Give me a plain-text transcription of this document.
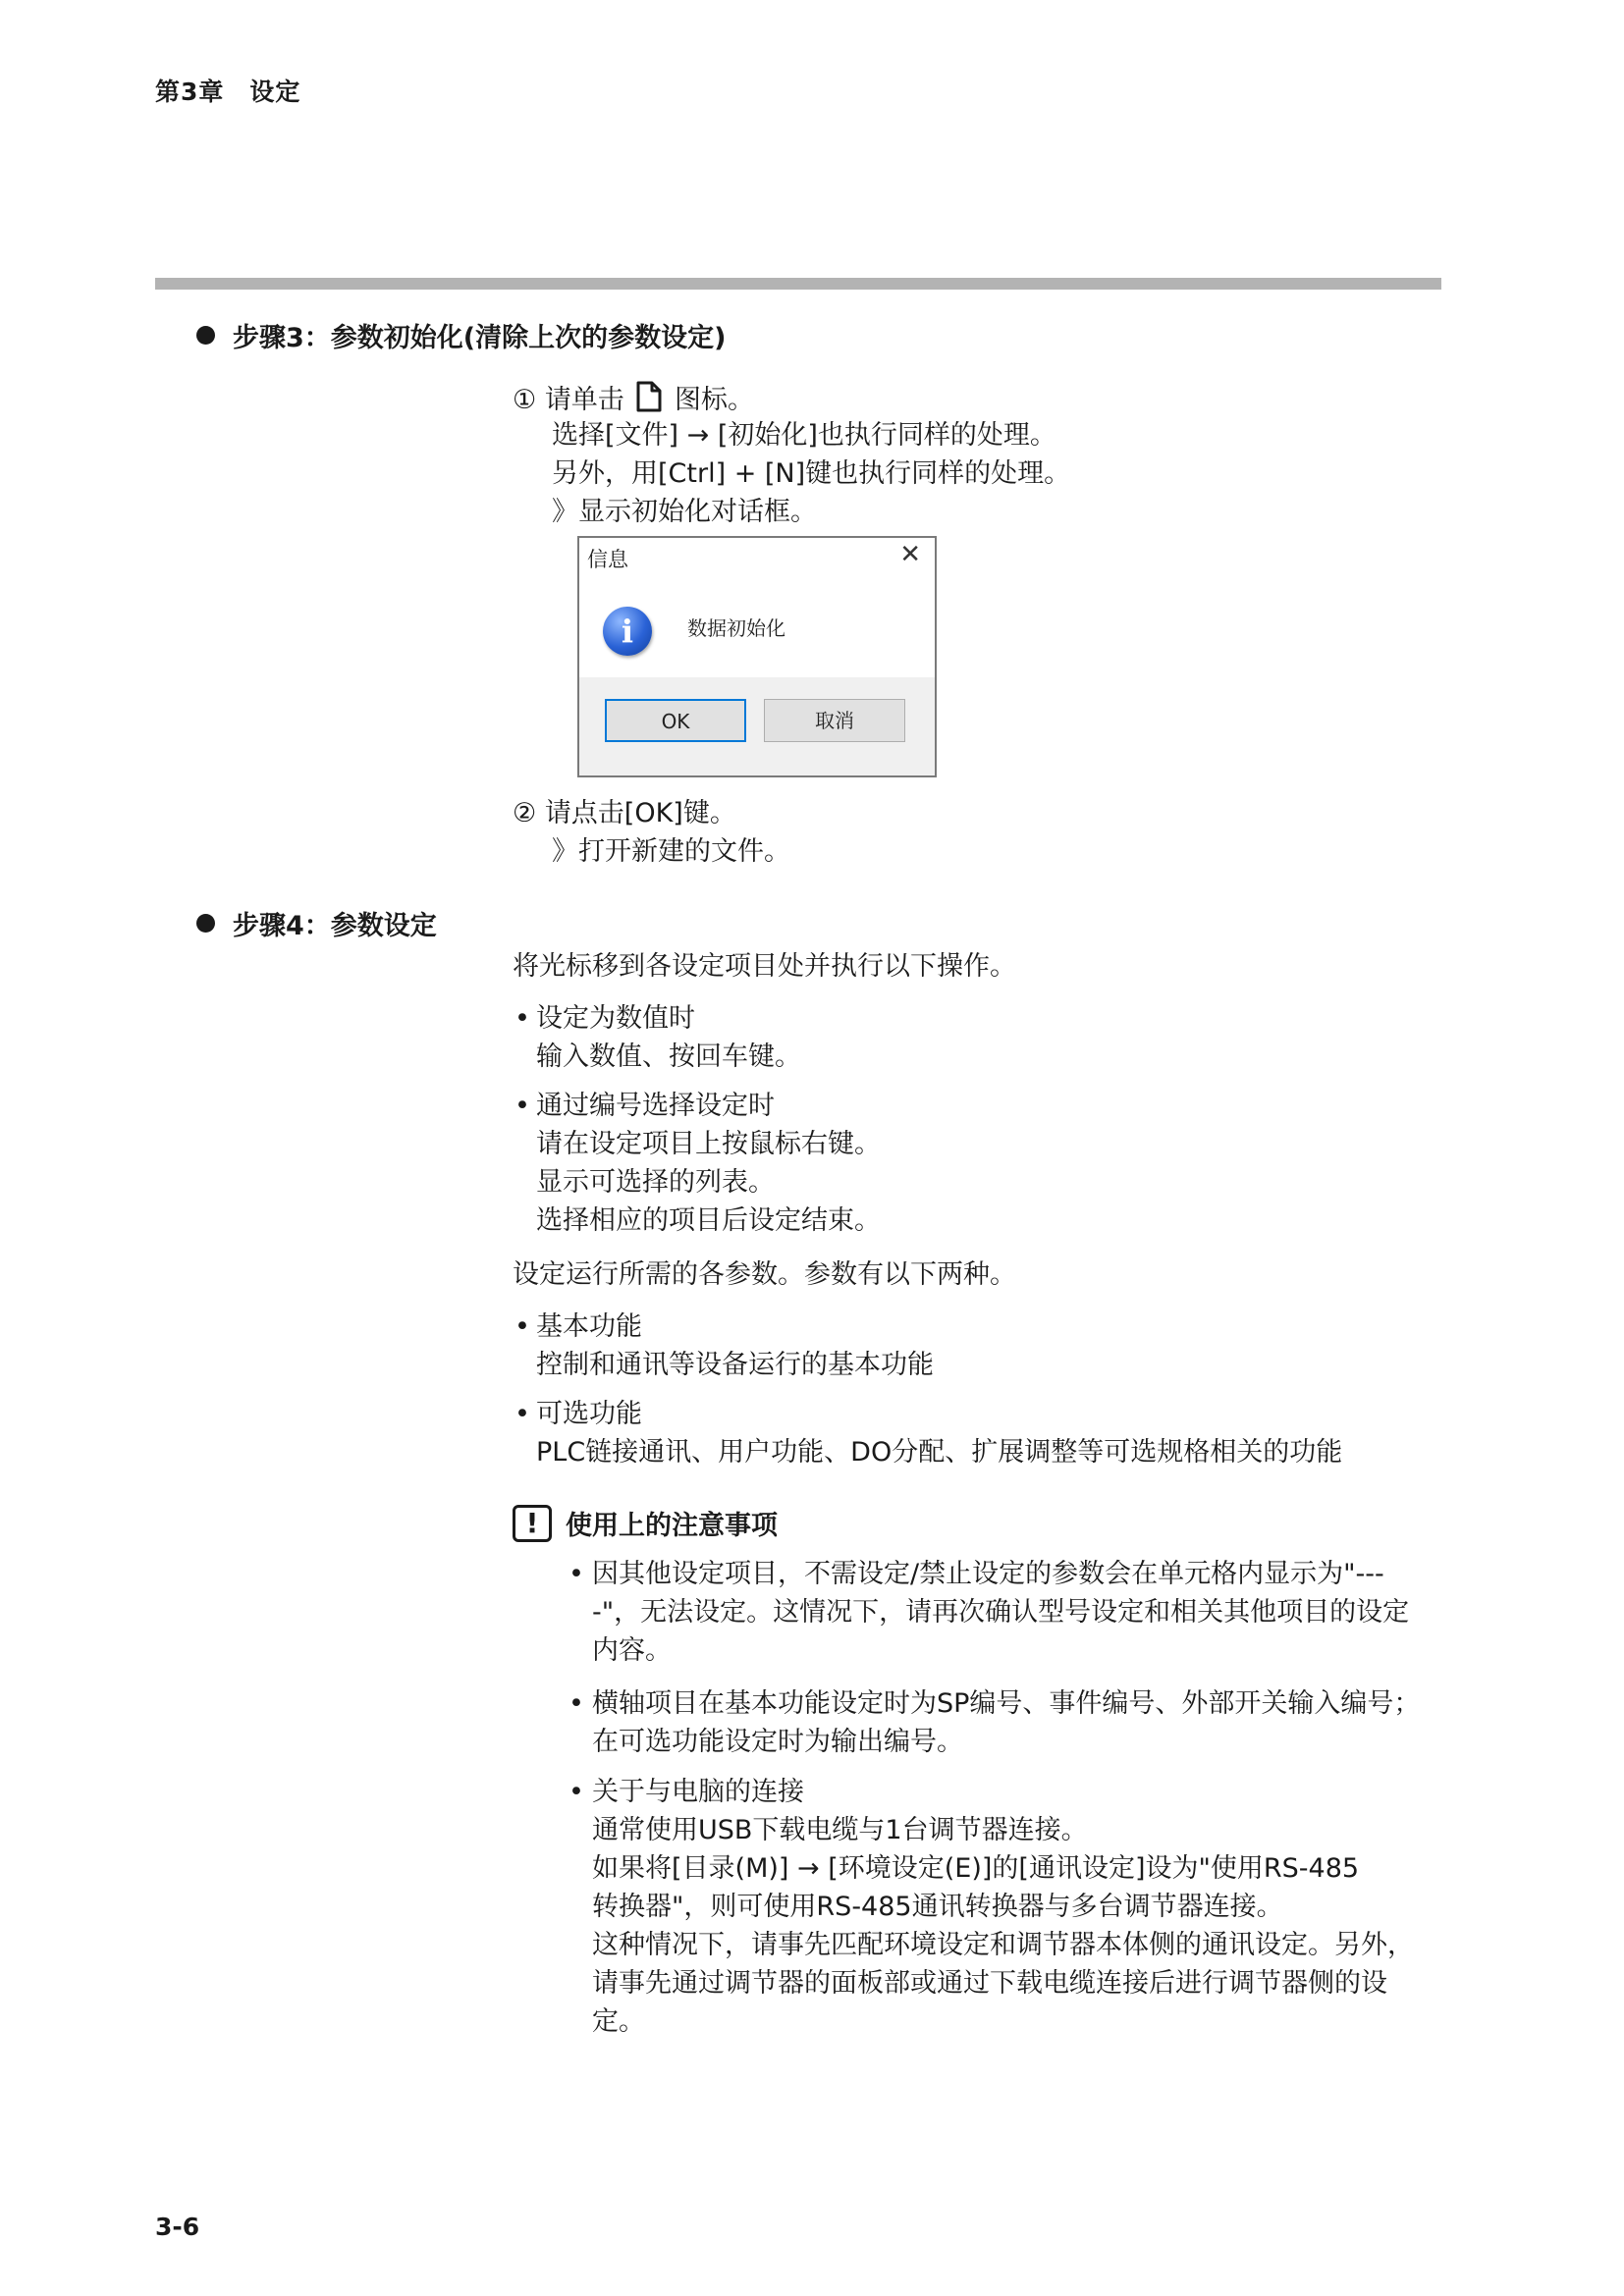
第3章　设定
步骤3：参数初始化(清除上次的参数设定)
① 请单击 图标。
选择[文件] → [初始化]也执行同样的处理。
另外，用[Ctrl] + [N]键也执行同样的处理。
》显示初始化对话框。
信息	✕
i	数据初始化
OK	取消
② 请点击[OK]键。
》打开新建的文件。
步骤4：参数设定
将光标移到各设定项目处并执行以下操作。
• 设定为数值时
输入数值、按回车键。
• 通过编号选择设定时
请在设定项目上按鼠标右键。
显示可选择的列表。
选择相应的项目后设定结束。
设定运行所需的各参数。参数有以下两种。
• 基本功能
控制和通讯等设备运行的基本功能
• 可选功能
PLC链接通讯、用户功能、DO分配、扩展调整等可选规格相关的功能
!	使用上的注意事项
• 因其他设定项目，不需设定/禁止设定的参数会在单元格内显示为"---
-"，无法设定。这情况下，请再次确认型号设定和相关其他项目的设定
内容。
• 横轴项目在基本功能设定时为SP编号、事件编号、外部开关输入编号；
在可选功能设定时为输出编号。
• 关于与电脑的连接
通常使用USB下载电缆与1台调节器连接。
如果将[目录(M)] → [环境设定(E)]的[通讯设定]设为"使用RS-485
转换器"，则可使用RS-485通讯转换器与多台调节器连接。
这种情况下，请事先匹配环境设定和调节器本体侧的通讯设定。另外，
请事先通过调节器的面板部或通过下载电缆连接后进行调节器侧的设
定。
3-6
